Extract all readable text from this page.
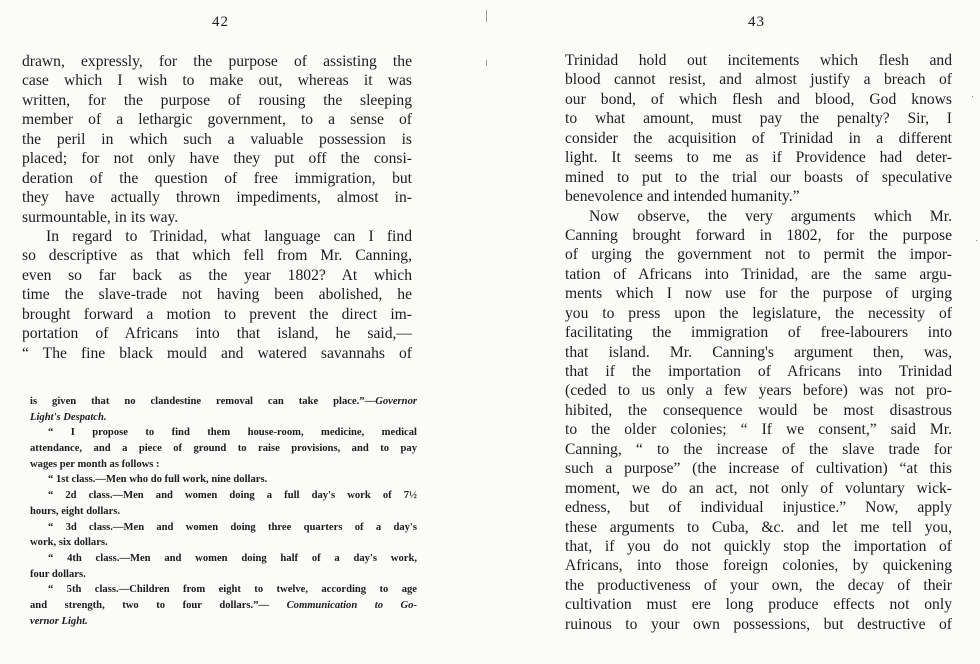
42
drawn, expressly, for the purpose of assisting the
case which I wish to make out, whereas it was
written, for the purpose of rousing the sleeping
member of a lethargic government, to a sense of
the peril in which such a valuable possession is
placed; for not only have they put off the consi-
deration of the question of free immigration, but
they have actually thrown impediments, almost in-
surmountable, in its way.
In regard to Trinidad, what language can I find
so descriptive as that which fell from Mr. Canning,
even so far back as the year 1802? At which
time the slave-trade not having been abolished, he
brought forward a motion to prevent the direct im-
portation of Africans into that island, he said,—
“ The fine black mould and watered savannahs of
is given that no clandestine removal can take place.”—Governor
Light's Despatch.
“ I propose to find them house-room, medicine, medical
attendance, and a piece of ground to raise provisions, and to pay
wages per month as follows :
“ 1st class.—Men who do full work, nine dollars.
“ 2d class.—Men and women doing a full day's work of 7½
hours, eight dollars.
“ 3d class.—Men and women doing three quarters of a day's
work, six dollars.
“ 4th class.—Men and women doing half of a day's work,
four dollars.
“ 5th class.—Children from eight to twelve, according to age
and strength, two to four dollars.”— Communication to Go-
vernor Light.
43
Trinidad hold out incitements which flesh and
blood cannot resist, and almost justify a breach of
our bond, of which flesh and blood, God knows
to what amount, must pay the penalty? Sir, I
consider the acquisition of Trinidad in a different
light. It seems to me as if Providence had deter-
mined to put to the trial our boasts of speculative
benevolence and intended humanity.”
Now observe, the very arguments which Mr.
Canning brought forward in 1802, for the purpose
of urging the government not to permit the impor-
tation of Africans into Trinidad, are the same argu-
ments which I now use for the purpose of urging
you to press upon the legislature, the necessity of
facilitating the immigration of free-labourers into
that island. Mr. Canning's argument then, was,
that if the importation of Africans into Trinidad
(ceded to us only a few years before) was not pro-
hibited, the consequence would be most disastrous
to the older colonies; “ If we consent,” said Mr.
Canning, “ to the increase of the slave trade for
such a purpose” (the increase of cultivation) “at this
moment, we do an act, not only of voluntary wick-
edness, but of individual injustice.” Now, apply
these arguments to Cuba, &c. and let me tell you,
that, if you do not quickly stop the importation of
Africans, into those foreign colonies, by quickening
the productiveness of your own, the decay of their
cultivation must ere long produce effects not only
ruinous to your own possessions, but destructive of
